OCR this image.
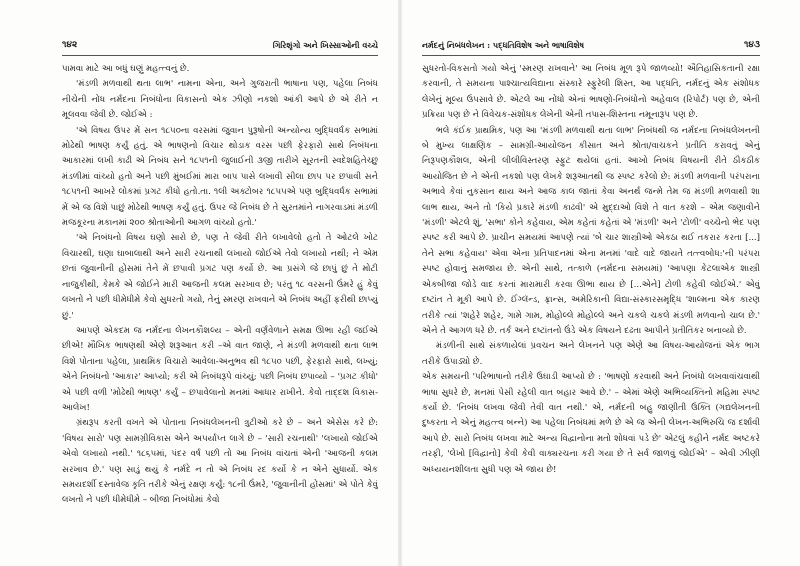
૧૪૨	ગિરિશૃંગો અને ખિસ્સાઓની વચ્ચે

પામવા માટે આ બધું ઘણું મહત્ત્વનું છે.

'મંડળી મળવાથી થતા લાભ' નામના એના, અને ગુજરાતી ભાષાના પણ, પહેલા નિબંધ નીચેની નોંધ નર્મદના નિબંધોના વિકાસનો એક ઝીણો નકશો આંકી આપે છે એ રીતે ન મૂલવવા જેવી છે. જોઈએ :

'એ વિષય ઉપર મેં સન ૧૮૫૦ના વરસમાં જુવાન પુરૂષોની અન્યોન્ય બુદ્ધિવર્ધક સભામાં મોઢેથી ભાષણ કર્યું હતું. એ ભાષણનો વિચાર થોડાક વરસ પછી ફેરફારો સાથે નિબંધના આકારમાં લખી કાઢી એ નિબંધ સને ૧૮૫૧ની જુલાઈની ૩જી તારીખે સૂરતની સ્વદેશહિતેચ્છુ મંડળીમાં વાંચ્યો હતો અને પછી મુંબઈમાં મારા બાપ પાસે લખાવી સીલા છાપ પર છપાવી સને ૧૮૫૧ની આખરે લોકમાં પ્રગટ કીધો હતો.તા. ૧લી અક્ટોબર ૧૮૫૫એ પણ બુદ્ધિવર્ધક સભામાં મેં એ જ વિશે પાછું મોઢેથી ભાષણ કર્યું હતું. ઉપર જે નિબંધ છે તે સુરતમાંને નાગરવાડમાં મંડળી મજકૂરના મકાનમાં ૨૦૦ શ્રોતાઓની આગળ વાંચ્યો હતો.'

'એ નિબંધનો વિષય ઘણો સારો છે, પણ તે જેવી રીતે લખાવેલો હતો તે ઓટલે ખોટ વિચારથી, ઘણા ઘાબાલાથી અને સારી રચનાથી લખાયો જોઈએ તેવો લખાયો નથી; ને એમ છતાં જુવાનીની હોંસમાં તેને મેં છપાવી પ્રગટ પણ કર્યો છે. આ પ્રસંગે જે છાપું છું તે મોટી નાજુકીથી, કેમકે એ જોઈને મારી આજની કલમ સરખાવ છે; પરંતુ ૧૮ વરસની ઉંમરે હું કેવું લખતો ને પછી ધીમેધીમે કેવો સુધરતો ગયો, તેનું સ્મરણ રાખવાને એ નિબંધ અહીં ફરીથી છાપ્યું છું.'

આપણે એકદમ જ નર્મદના લેખનકૌશલ્ય – એની વર્ણવેળાને સમક્ષ ઊભા રહી જઈએ છીએ! મૌખિક ભાષણથી એણે શરૂઆત કરી –એ વાત જાણે, ને મંડળી મળવાથી થતા લાભ વિશે પોતાના પહેલા, પ્રાથમિક વિચારો આવેલા-અનુભવ થી ૧૮૫૦ પછી, ફેરફારો સાથે, લખ્યું; એને નિબંધનો 'આકાર' આપ્યો; કરી એ નિબંધરૂપે વાંચ્યું; પછી નિબંધ છપાવ્યો – 'પ્રગટ કીધો' એ પછી વળી 'મોઢેથી ભાષણ' કર્યું – છપાવેલાનો મનમાં આધાર રાખીને. કેવો તાદ્દશ વિકાસ-આલેખ!

ગ્રંથરૂપ કરતી વખતે એ પોતાના નિબંધલેખનની ત્રુટીઓ કરે છે – અને એસેસ કરે છે: 'વિષય સારો' પણ સામગ્રીવિકાસ એને અપર્યાપ્ત લાગે છે – 'સારી રચનાથી' 'લખાયો જોઈએ એવો લખાયો નથી.' ૧૮૬૫માં, પંદર વર્ષ પછી તો આ નિબંધ વાંચતાં એની 'આજની કલમ સરખાવ છે.' પણ સાડું થયું કે નર્મદે ન તો એ નિબંધ રદ કર્યો કે ન એને સુધાર્યો. એક સમયદર્શી દસ્તાવેજ કૃતિ તરીકે એનું રક્ષણ કર્યું: ૧૮ની ઉંમરે, 'જુવાનીની હોંસમાં' એ પોતે કેવું લખતો ને પછી ધીમેધીમે – બીજા નિબંધોમાં કેવો

નર્મદનું નિબંધલેખન : પદ્ધતિવિશેષ અને ભાષાવિશેષ	૧૪૩

સુધરતો-વિકસતો ગયો એનું 'સ્મરણ રાખવાને' આ નિબંધ મૂળ રૂપે જાળવ્યો! ઐતિહાસિકતાની રક્ષા કરવાની, તે સમયના પાશ્ચાત્યવિદ્યાના સંસ્કારે સ્ફુરેલી શિસ્ત, આ પદ્ધતિ, નર્મદનું એક સંશોધક લેખેનું મૂલ્ય ઉપસાવે છે. એટલે આ નોંધો એનાં ભાષણો-નિબંધોનો અહેવાલ (રિપોર્ટ) પણ છે, એની પ્રક્રિયા પણ છે ને વિવેચક-સંશોધક લેખેની એની તપાસ-શિસ્તના નમૂનારૂપ પણ છે.

ભલે કંઈક પ્રાથમિક, પણ આ 'મંડળી મળવાથી થતા લાભ' નિબંધથી જ નર્મદના નિબંધલેખનની બે મુખ્ય લાક્ષણિક – સામગ્રી-આયોજન કીસાત અને શ્રોતા/વાચકને પ્રતીતિ કરાવતું એનું નિરૂપણકૌશલ, એની લીલીવિસ્તરણ સ્ફુટ થયેલાં હતાં. આખો નિબંધ વિષયની રીતે ઠીકઠીક આયોજિત છે ને એની નકશો પણ લેખકે શરૂઆતથી જ સ્પષ્ટ કરેલો છે: મંડળી મળવાની પરંપરાના અભાવે કેવાં નુકસાન થાય અને આજ કાલ જાતાં કેવા અનર્થ જન્મે તેમ જ મંડળી મળવાથી શા લાભ થાય, અને તો 'કિયે પ્રકારે મંડળી કાઢવી' એ મુદ્દાઓ વિશે તે વાત કરશે – એમ જણાવીને 'મંડળી' એટલે શું, 'સભા' કોને કહેવાય, એમ કહેતાં કહેતાં એ 'મંડળી' અને 'ટોળી' વચ્ચેનો ભેદ પણ સ્પષ્ટ કરી આપે છે. પ્રાચીન સમયમાં આપણે ત્યાં 'બે ચાર શાસ્ત્રીઓ એકઠા થઈ તકરાર કરતા [...] તેને સભા કહેવાય' એવા એના પ્રતિપાદનમાં એના મનમાં 'વાદે વાદે જાયતે તત્ત્વબોધ:'ની પરંપરા સ્પષ્ટ હોવાનું સમજાય છે. એની સાથે, તત્કાળે (નર્મદના સમયમાં) 'આપણા કેટલાએક શાસ્ત્રી એકબીજા જોડે વાદ કરતાં મારામારી કરવા ઊભા થાય છે [...એને] ટોળી કહેવી જોઈએ.' એવું દષ્ટાંત તે મૂકી આપે છે. ઈંગ્લૅન્ડ, ફ્રાન્સ, અમેરિકાની વિદ્યા-સંસ્કારસમૃદ્ધિ 'શાલ્મના એક કારણ તરીકે ત્યાં 'શહેરે શહેર, ગામે ગામ, મોહોલ્લે મોહોલ્લે અને ચકલે ચકલે મંડળી મળવાનો ચાલ છે.' એને તે આગળ ધરે છે. તર્ક અને દષ્ટાંતનો ઉંડે એક વિષયને દઢતા આપીને પ્રતીતિકર બનાવ્યો છે.

મંડળીની સાથે સંકળાયેલાં પ્રવચન અને લેખનને પણ એણે આ વિષય-આયોજનાં એક ભાગ તરીકે ઉપાડ્યો છે.

એક સમયની 'પરિભાષાનો તરીકે ઉઘાડી આપ્યો છે : 'ભાષણો કરવાથી અને નિબંધો લખવાવાંચવાથી ભાષા સુધરે છે, મનમાં પેસી રહેલી વાત બહાર આવે છે.' – એમાં એણે અભિવ્યક્તિનો મહિમા સ્પષ્ટ કર્યો છે. 'નિબંધ લખવા જેવી તેવી વાત નથી.' એ, નર્મદની બહુ જાણીતી ઉક્તિ (ગદ્યલેખનની દુષ્કરતા ને એનું મહત્ત્વ બન્ને) આ પહેલા નિબંધમાં મળે છે એ જ એની લેખન-અભિરુચિ જ દર્શાવી આપે છે. સારો નિબંધ લખવા માટે અન્ય વિદ્વાનોના મતો શોધવાં પડે છે' એટલું કહીને નર્મદ અષ્ટકરે તરફી, 'લેખો [વિદ્વાનો] કેવી કેવી વાક્યરચના કરી ગયા છે તે સર્વ જાળવું જોઈએ' – એવી ઝીણી અધ્યયનશીલતા સુધી પણ એ જાય છે!
